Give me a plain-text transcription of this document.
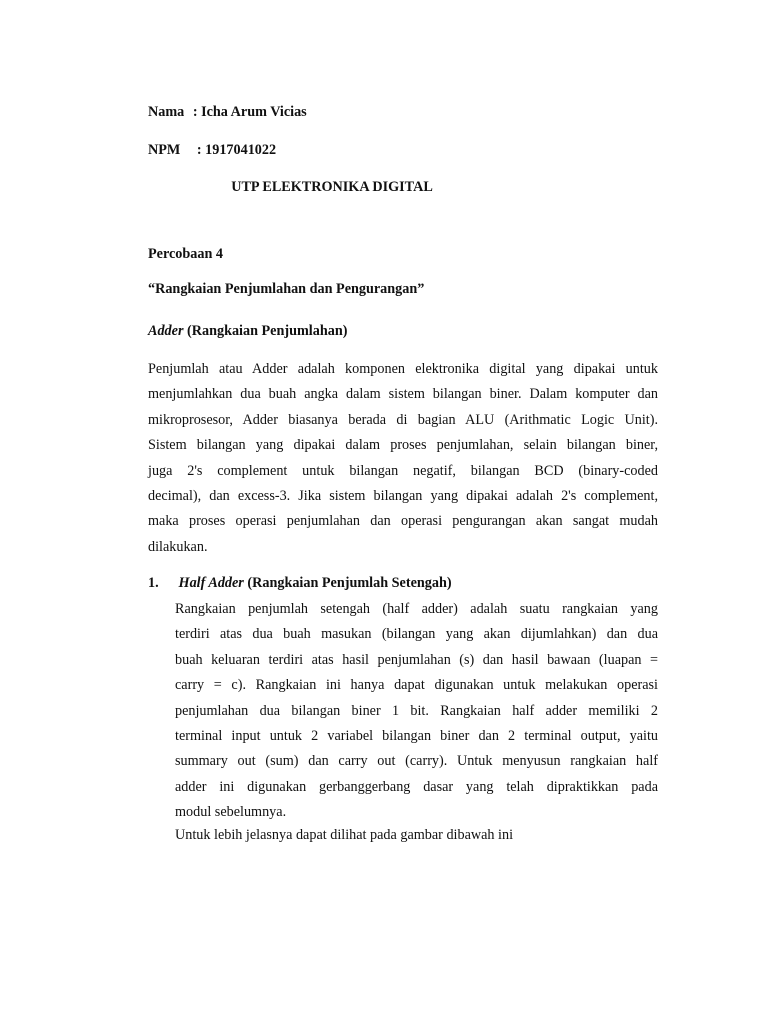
Nama : Icha Arum Vicias
NPM : 1917041022
UTP ELEKTRONIKA DIGITAL
Percobaan 4
“Rangkaian Penjumlahan dan Pengurangan”
Adder (Rangkaian Penjumlahan)
Penjumlah atau Adder adalah komponen elektronika digital yang dipakai untuk
menjumlahkan dua buah angka dalam sistem bilangan biner. Dalam komputer dan
mikroprosesor, Adder biasanya berada di bagian ALU (Arithmatic Logic Unit).
Sistem bilangan yang dipakai dalam proses penjumlahan, selain bilangan biner,
juga 2's complement untuk bilangan negatif, bilangan BCD (binary-coded
decimal), dan excess-3. Jika sistem bilangan yang dipakai adalah 2's complement,
maka proses operasi penjumlahan dan operasi pengurangan akan sangat mudah
dilakukan.
1. Half Adder (Rangkaian Penjumlah Setengah)
Rangkaian penjumlah setengah (half adder) adalah suatu rangkaian yang
terdiri atas dua buah masukan (bilangan yang akan dijumlahkan) dan dua
buah keluaran terdiri atas hasil penjumlahan (s) dan hasil bawaan (luapan =
carry = c). Rangkaian ini hanya dapat digunakan untuk melakukan operasi
penjumlahan dua bilangan biner 1 bit. Rangkaian half adder memiliki 2
terminal input untuk 2 variabel bilangan biner dan 2 terminal output, yaitu
summary out (sum) dan carry out (carry). Untuk menyusun rangkaian half
adder ini digunakan gerbanggerbang dasar yang telah dipraktikkan pada
modul sebelumnya.
Untuk lebih jelasnya dapat dilihat pada gambar dibawah ini
